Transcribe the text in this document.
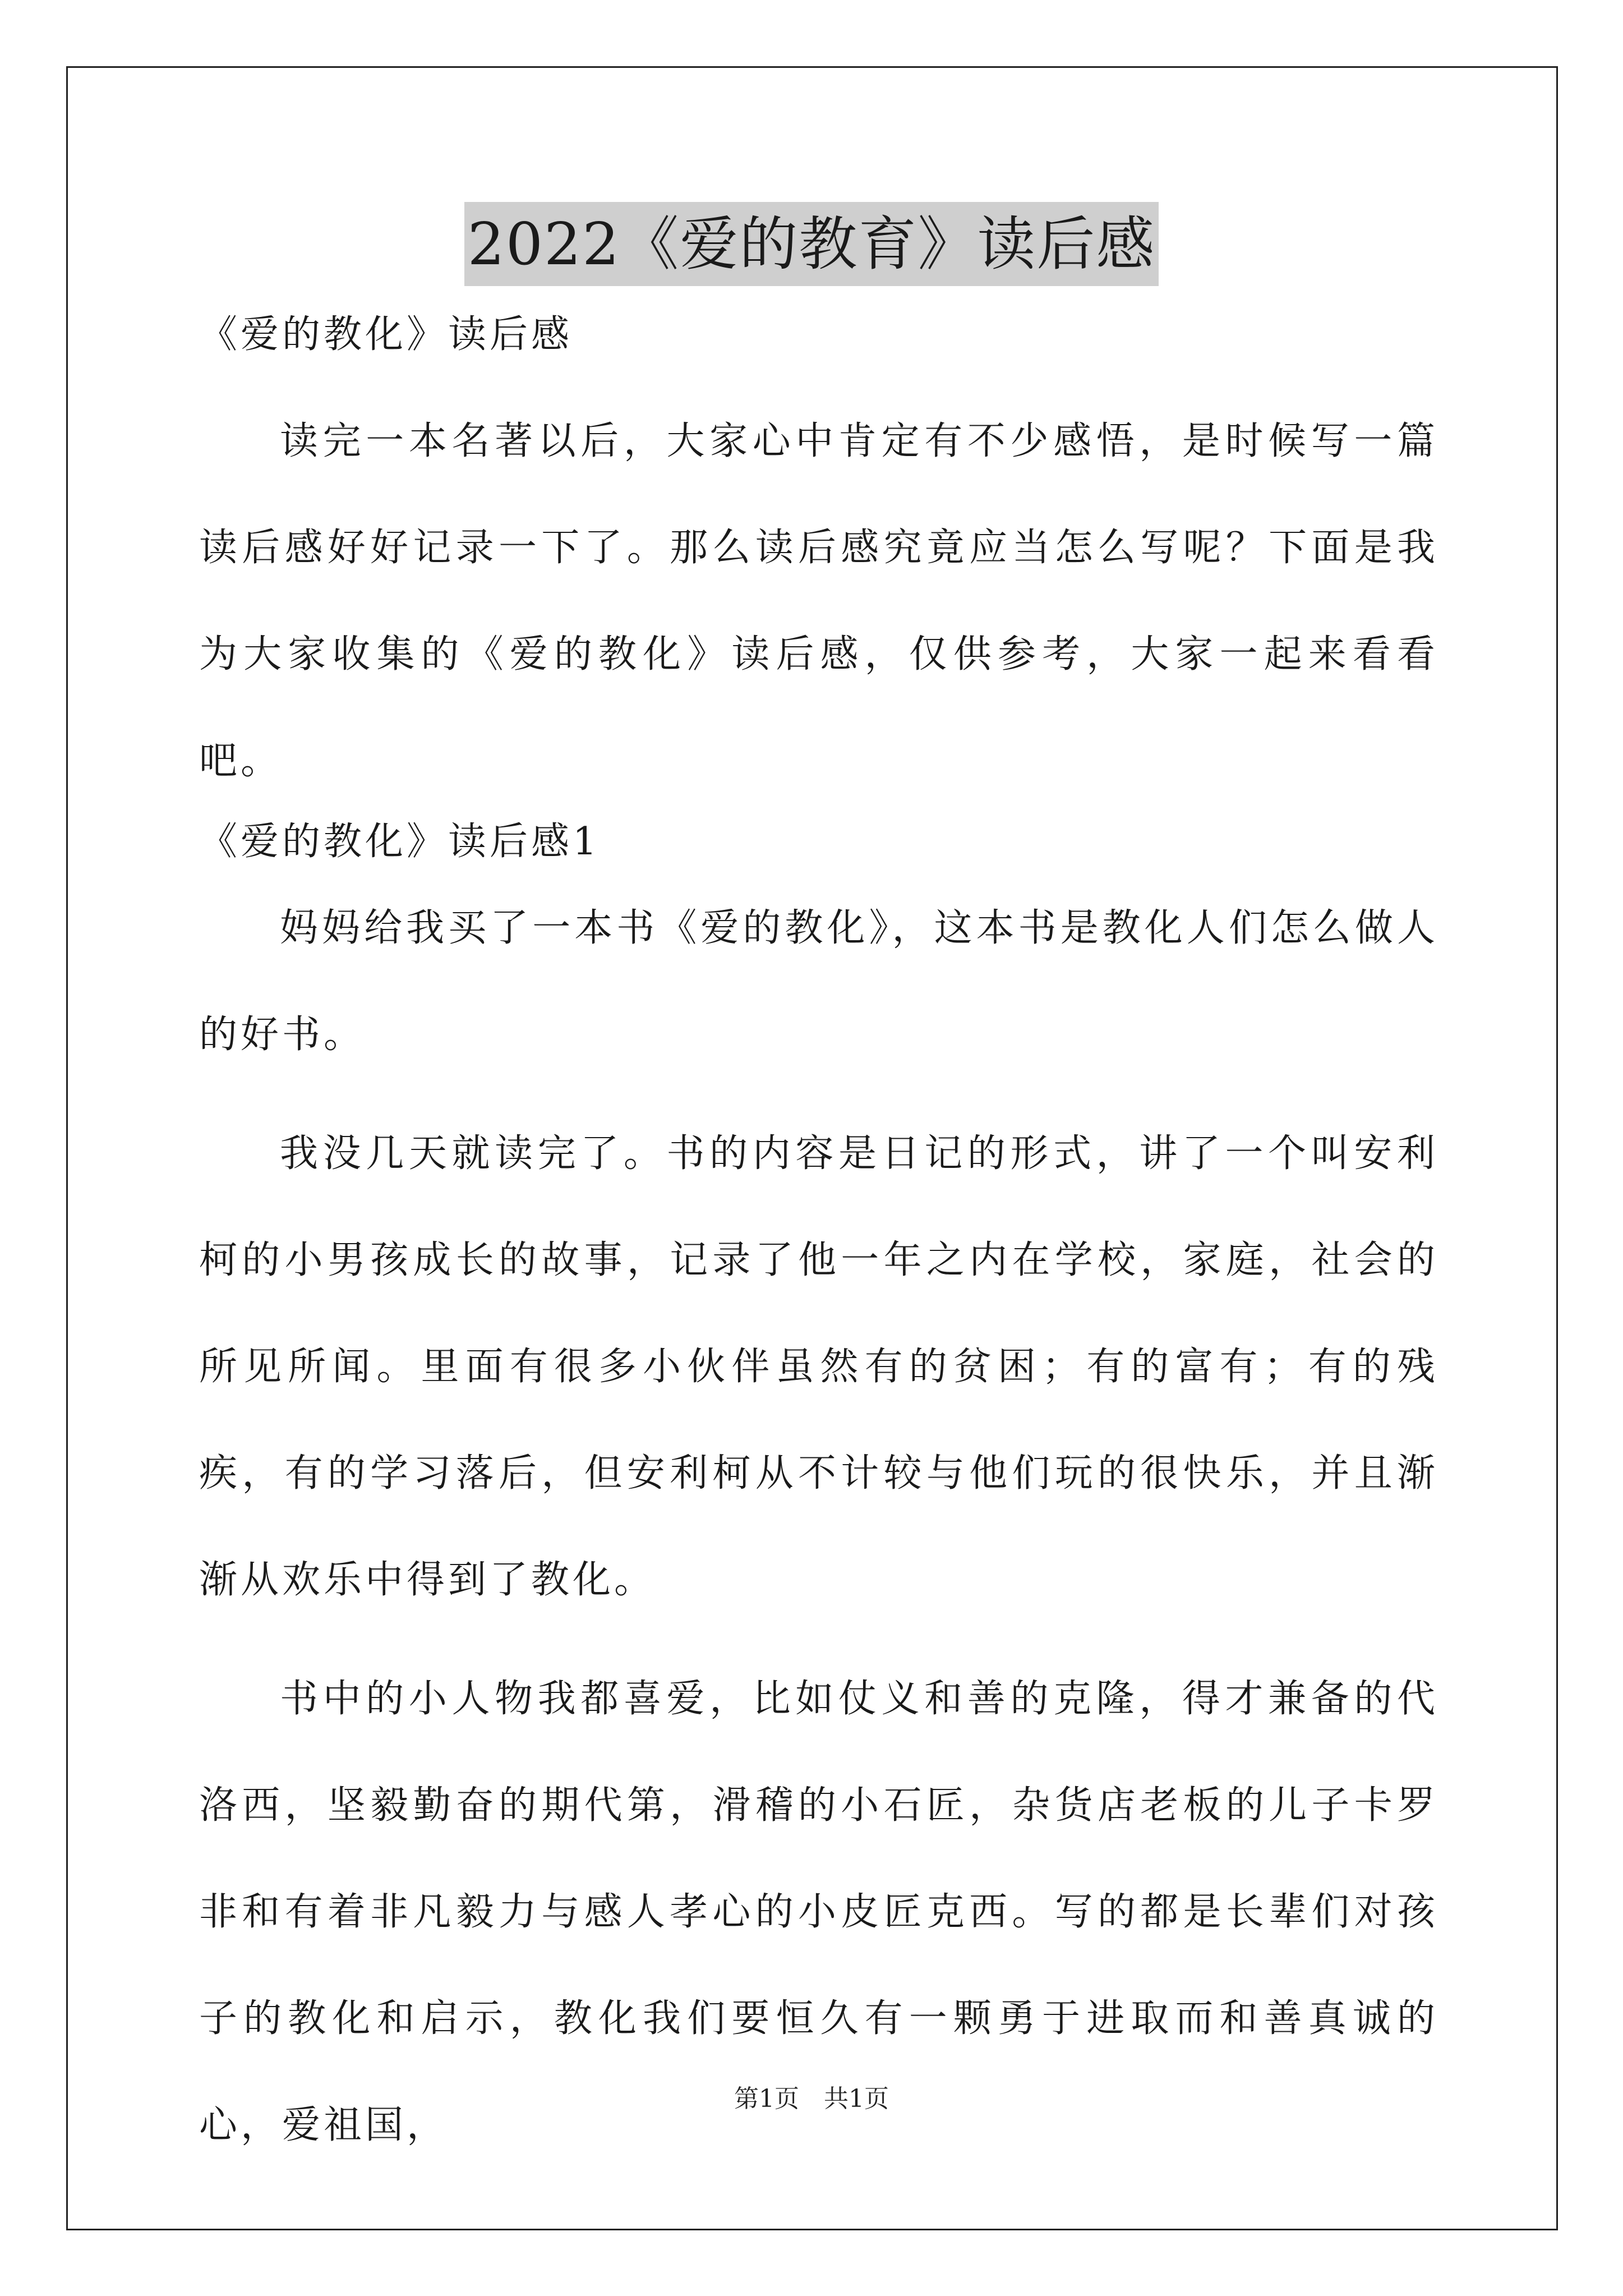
2022《爱的教育》读后感

《爱的教化》读后感

读完一本名著以后，大家心中肯定有不少感悟，是时候写一篇读后感好好记录一下了。那么读后感究竟应当怎么写呢？下面是我为大家收集的《爱的教化》读后感，仅供参考，大家一起来看看吧。

《爱的教化》读后感1

妈妈给我买了一本书《爱的教化》，这本书是教化人们怎么做人的好书。

我没几天就读完了。书的内容是日记的形式，讲了一个叫安利柯的小男孩成长的故事，记录了他一年之内在学校，家庭，社会的所见所闻。里面有很多小伙伴虽然有的贫困；有的富有；有的残疾，有的学习落后，但安利柯从不计较与他们玩的很快乐，并且渐渐从欢乐中得到了教化。

书中的小人物我都喜爱，比如仗义和善的克隆，得才兼备的代洛西，坚毅勤奋的期代第，滑稽的小石匠，杂货店老板的儿子卡罗非和有着非凡毅力与感人孝心的小皮匠克西。写的都是长辈们对孩子的教化和启示，教化我们要恒久有一颗勇于进取而和善真诚的心，爱祖国，

第1页　共1页
